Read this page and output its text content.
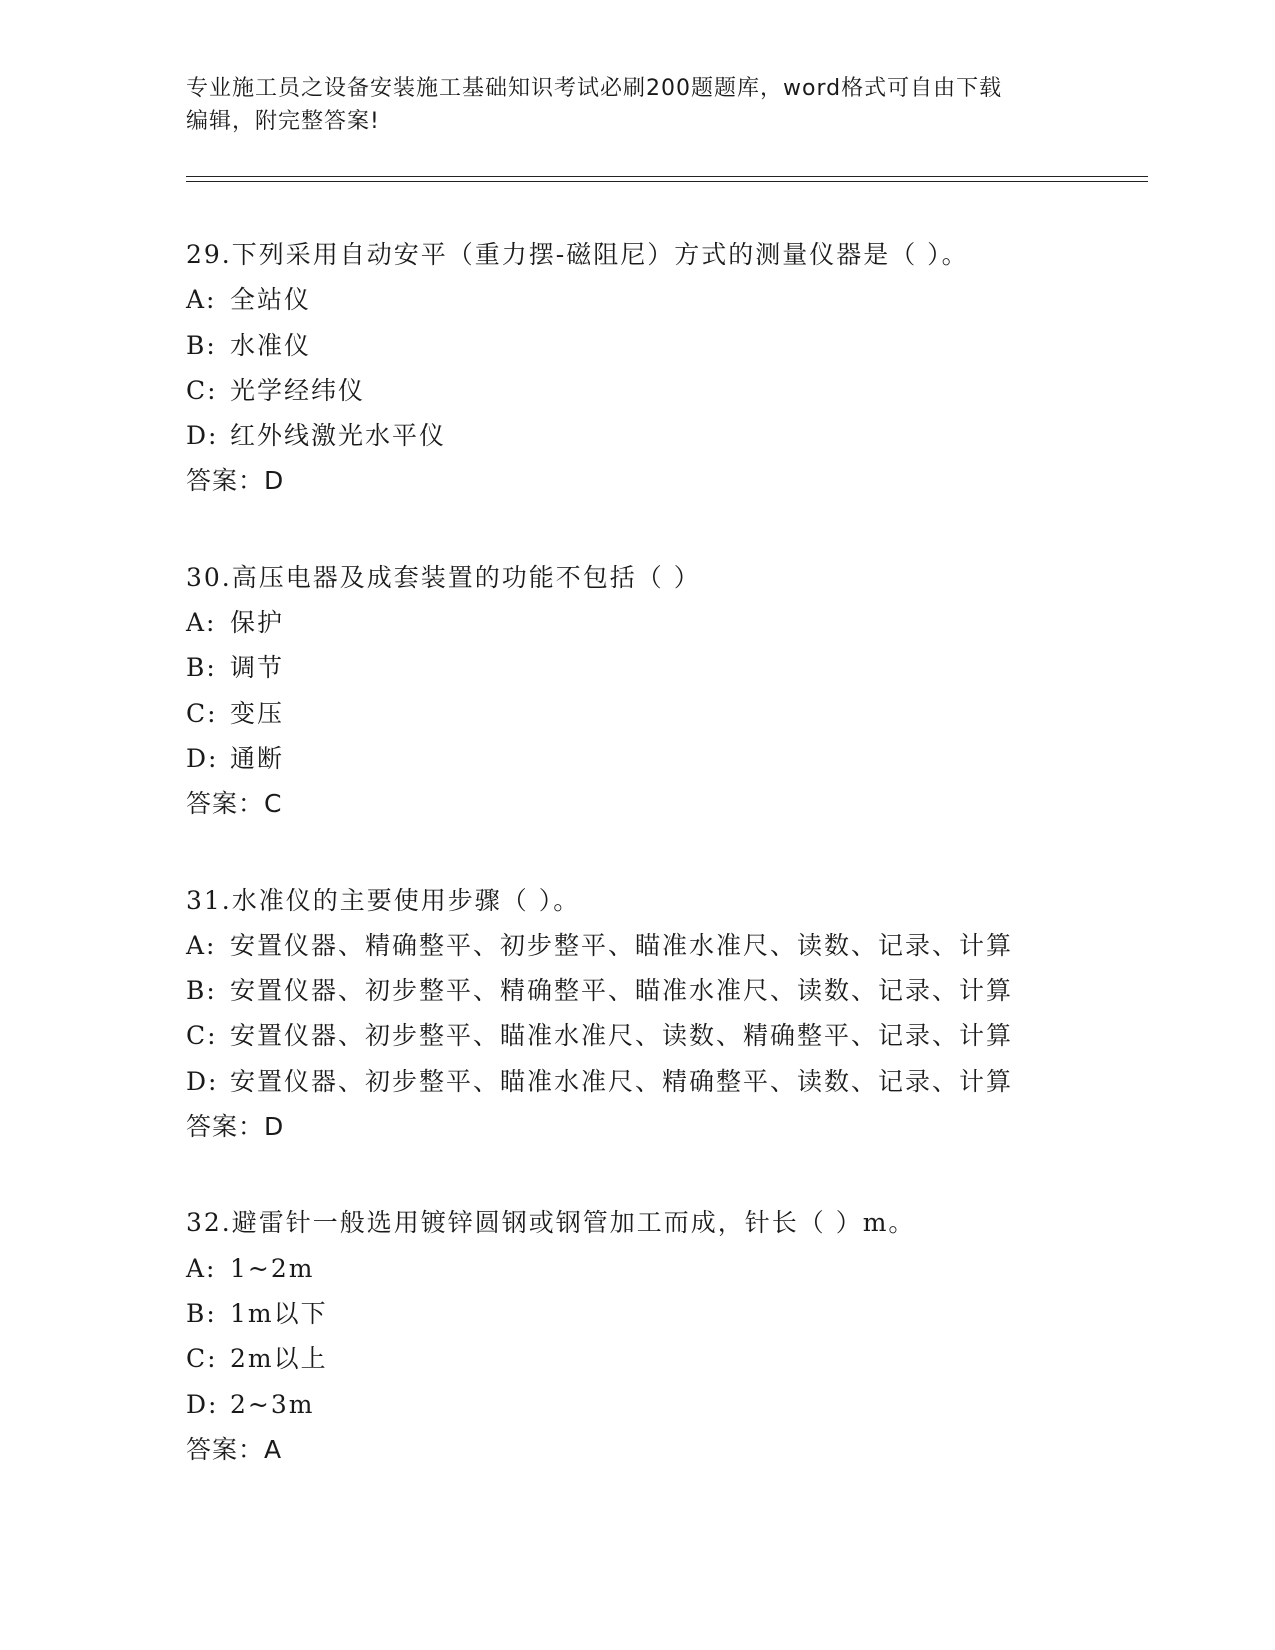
专业施工员之设备安装施工基础知识考试必刷200题题库，word格式可自由下载
编辑，附完整答案!
29.下列采用自动安平（重力摆-磁阻尼）方式的测量仪器是（ ）。
A: 全站仪
B: 水准仪
C: 光学经纬仪
D: 红外线激光水平仪
答案：D
30.高压电器及成套装置的功能不包括（ ）
A: 保护
B: 调节
C: 变压
D: 通断
答案：C
31.水准仪的主要使用步骤（ ）。
A: 安置仪器、精确整平、初步整平、瞄准水准尺、读数、记录、计算
B: 安置仪器、初步整平、精确整平、瞄准水准尺、读数、记录、计算
C: 安置仪器、初步整平、瞄准水准尺、读数、精确整平、记录、计算
D: 安置仪器、初步整平、瞄准水准尺、精确整平、读数、记录、计算
答案：D
32.避雷针一般选用镀锌圆钢或钢管加工而成，针长（ ）m。
A: 1~2m
B: 1m以下
C: 2m以上
D: 2~3m
答案：A
